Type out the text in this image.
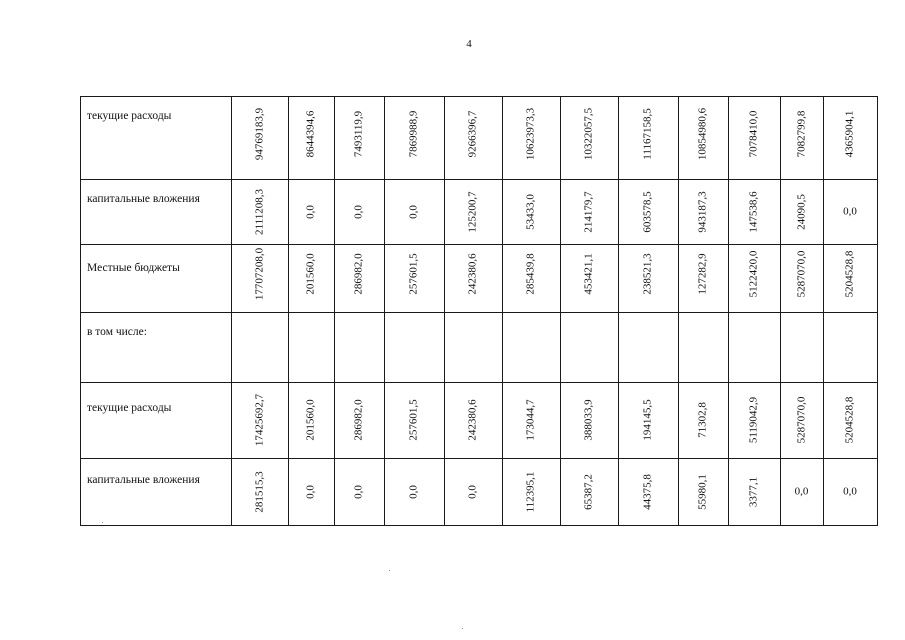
4
текущие расходы	94769183,9	8644394,6	7493119,9	7869988,9	9266396,7	10623973,3	10322057,5	11167158,5	10854980,6	7078410,0	7082799,8	4365904,1
капитальные вложения	2111208,3	0,0	0,0	0,0	125200,7	53433,0	214179,7	603578,5	943187,3	147538,6	24090,5	0,0
Местные бюджеты	17707208,0	201560,0	286982,0	257601,5	242380,6	285439,8	453421,1	238521,3	127282,9	5122420,0	5287070,0	5204528,8
в том числе:
текущие расходы	17425692,7	201560,0	286982,0	257601,5	242380,6	173044,7	388033,9	194145,5	71302,8	5119042,9	5287070,0	5204528,8
капитальные вложения	281515,3	0,0	0,0	0,0	0,0	112395,1	65387,2	44375,8	55980,1	3377,1	0,0	0,0
